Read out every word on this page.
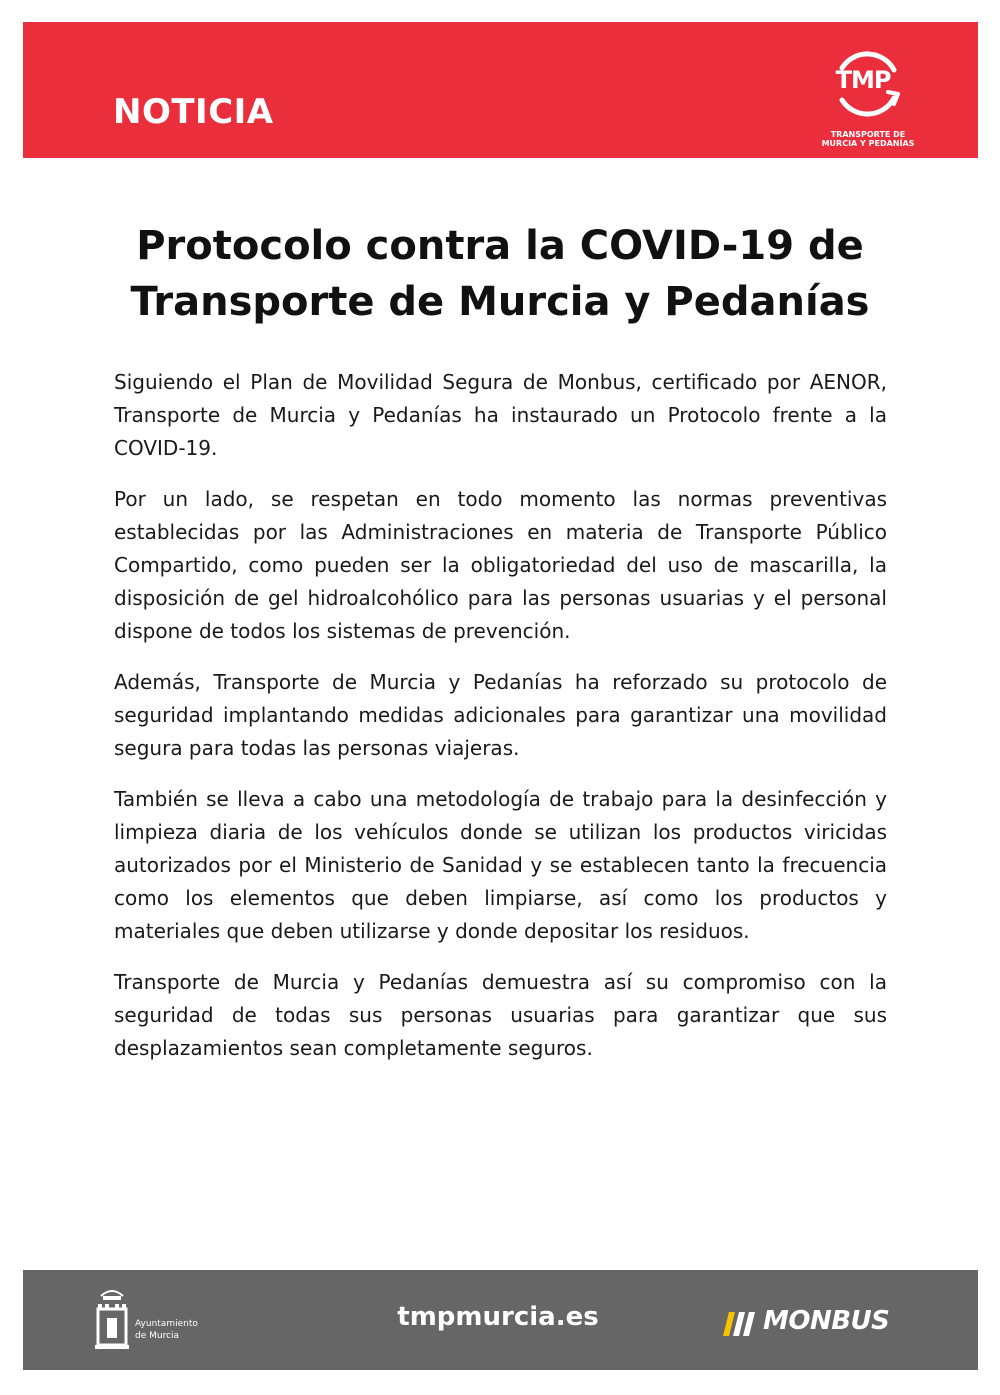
NOTICIA
TMP
TRANSPORTE DE
MURCIA Y PEDANÍAS
Protocolo contra la COVID-19 de
Transporte de Murcia y Pedanías

Siguiendo el Plan de Movilidad Segura de Monbus, certificado por AENOR, Transporte de Murcia y Pedanías ha instaurado un Protocolo frente a la COVID-19.

Por un lado, se respetan en todo momento las normas preventivas establecidas por las Administraciones en materia de Transporte Público Compartido, como pueden ser la obligatoriedad del uso de mascarilla, la disposición de gel hidroalcohólico para las personas usuarias y el personal dispone de todos los sistemas de prevención.

Además, Transporte de Murcia y Pedanías ha reforzado su protocolo de seguridad implantando medidas adicionales para garantizar una movilidad segura para todas las personas viajeras.

También se lleva a cabo una metodología de trabajo para la desinfección y limpieza diaria de los vehículos donde se utilizan los productos viricidas autorizados por el Ministerio de Sanidad y se establecen tanto la frecuencia como los elementos que deben limpiarse, así como los productos y materiales que deben utilizarse y donde depositar los residuos.

Transporte de Murcia y Pedanías demuestra así su compromiso con la seguridad de todas sus personas usuarias para garantizar que sus desplazamientos sean completamente seguros.

Ayuntamiento
de Murcia
tmpmurcia.es	MONBUS
